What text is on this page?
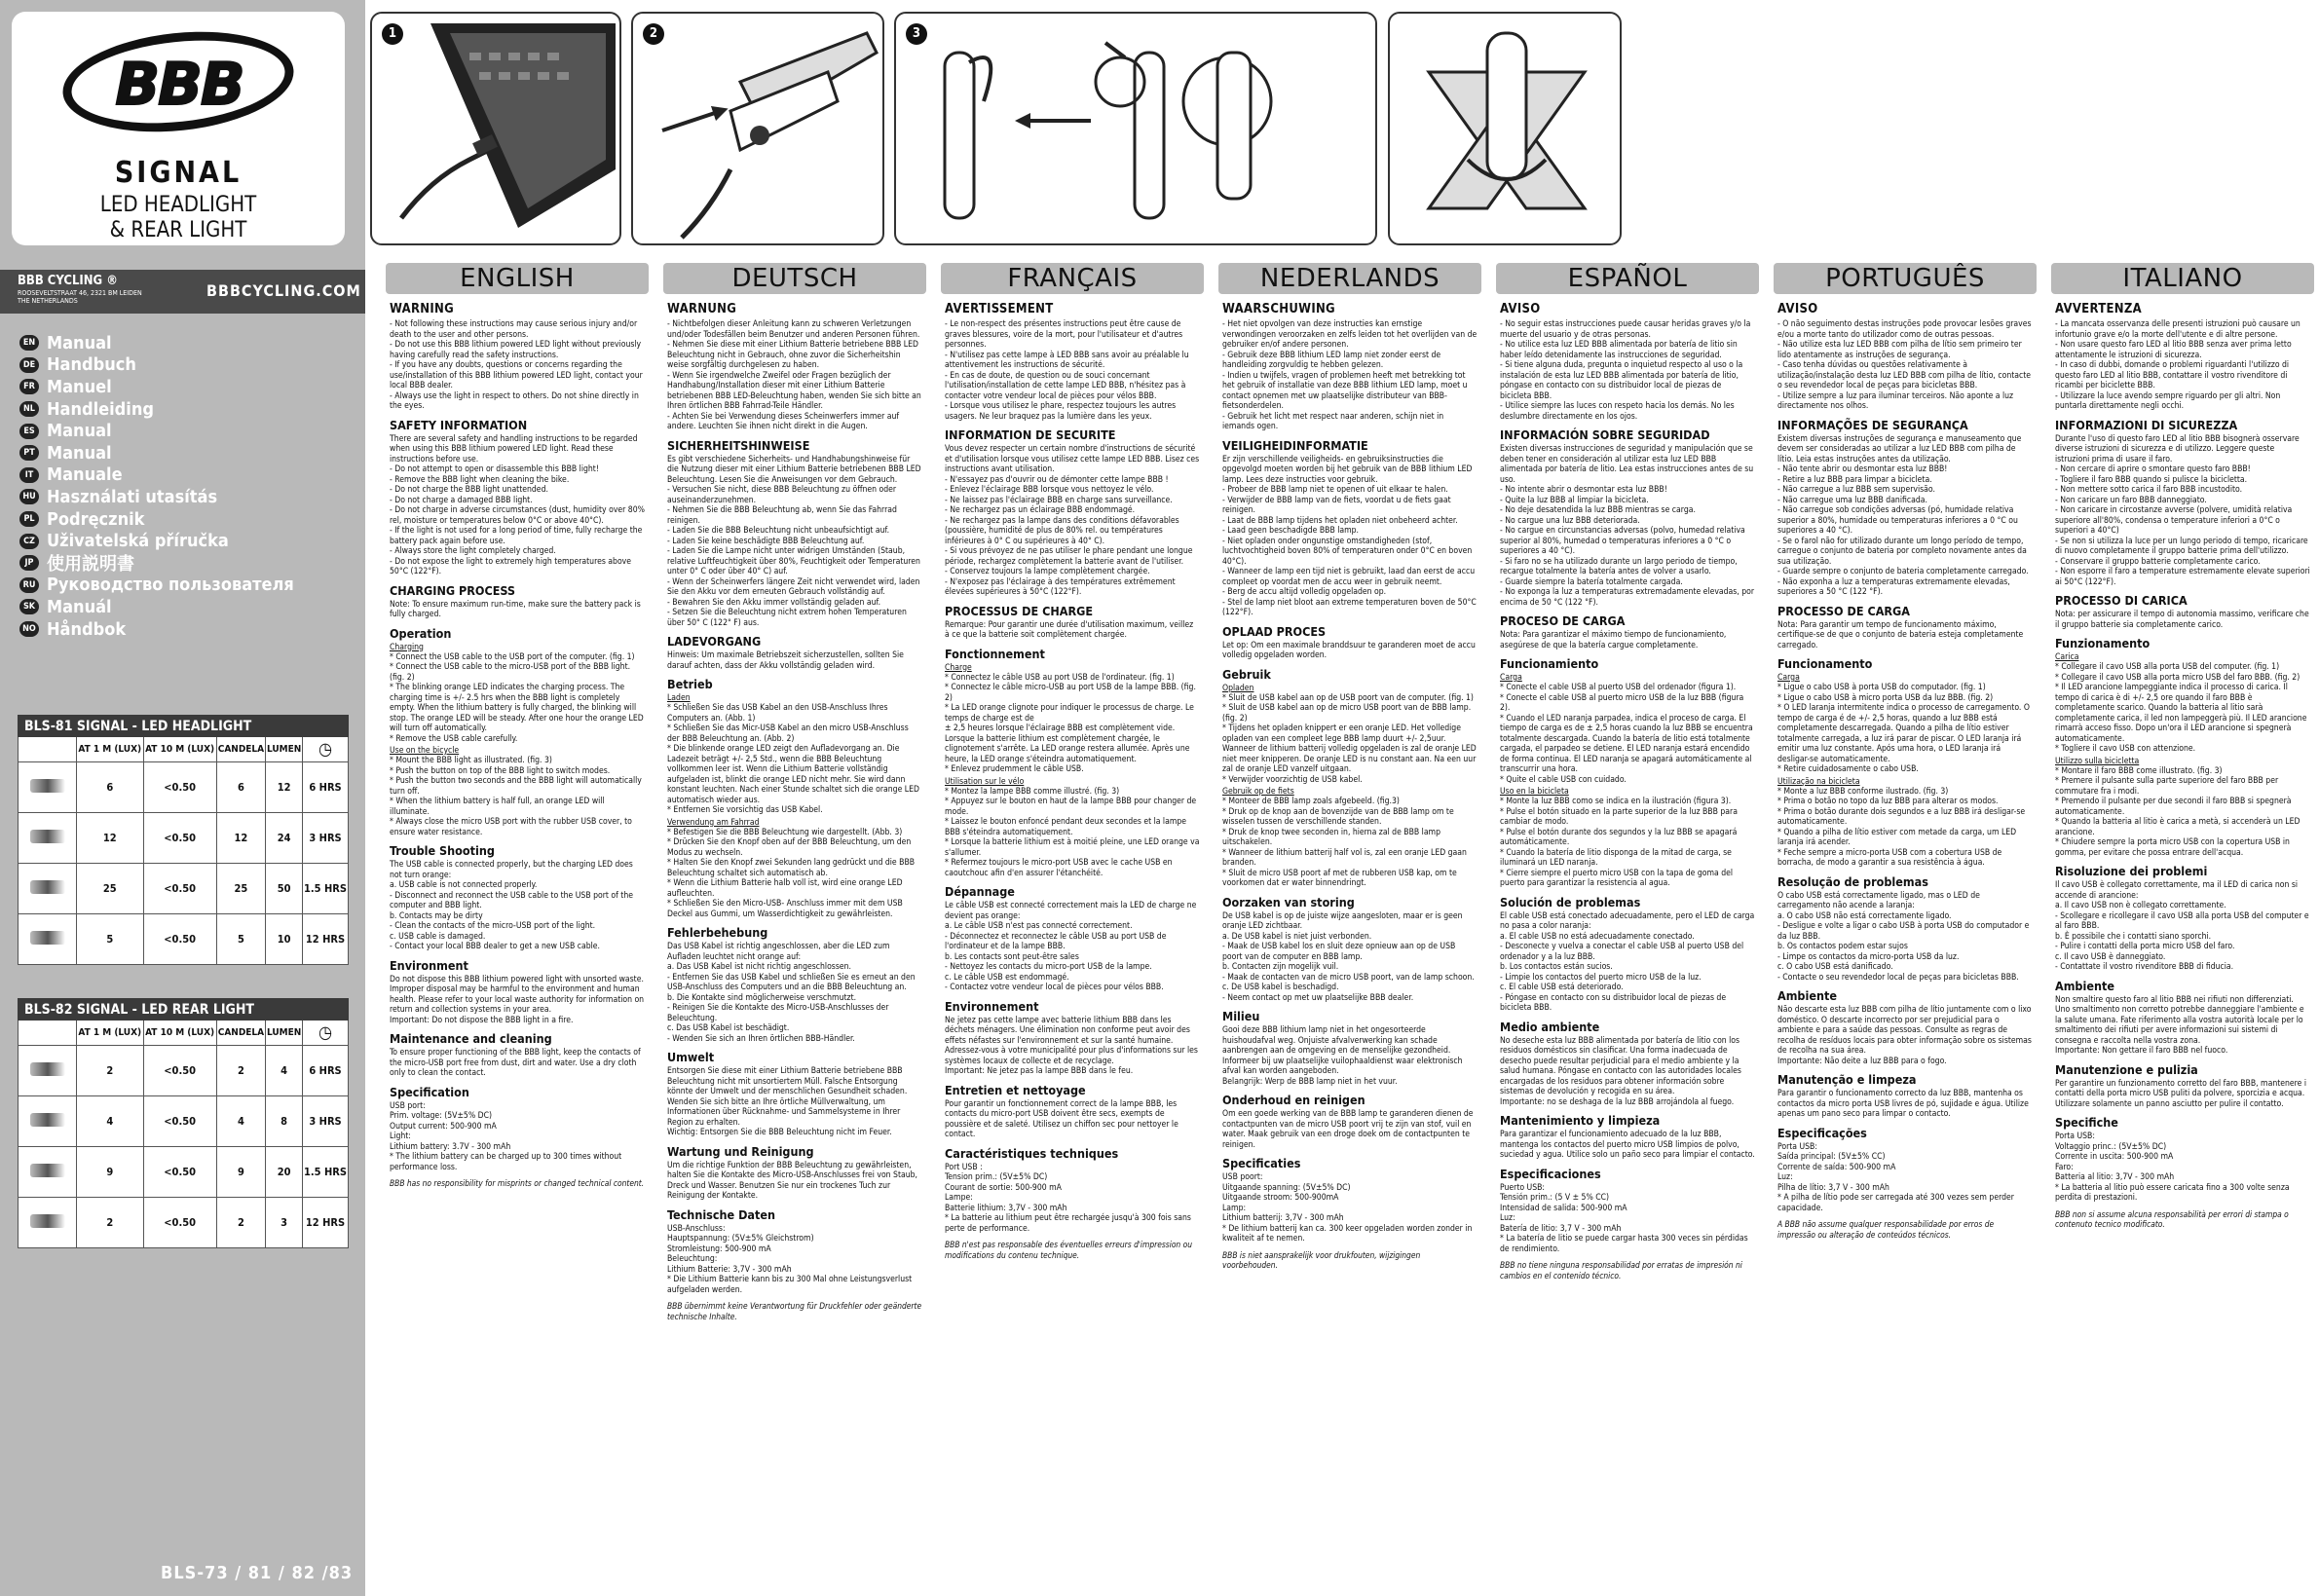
BBB
SIGNAL
LED HEADLIGHT
& REAR LIGHT
BBB CYCLING ®
ROOSEVELTSTRAAT 46, 2321 BM LEIDEN
THE NETHERLANDS
BBBCYCLING.COM
EN Manual
DE Handbuch
FR Manuel
NL Handleiding
ES Manual
PT Manual
IT Manuale
HU Használati utasítás
PL Podręcznik
CZ Uživatelská příručka
JP 使用説明書
RU Руководство пользователя
SK Manuál
NO Håndbok
BLS-81 SIGNAL - LED HEADLIGHT					
	AT 1 M (LUX)	AT 10 M (LUX)	CANDELA	LUMEN	◷
	6	<0.50	6	12	6 HRS
	12	<0.50	12	24	3 HRS
	25	<0.50	25	50	1.5 HRS
	5	<0.50	5	10	12 HRS
BLS-82 SIGNAL - LED REAR LIGHT					
	AT 1 M (LUX)	AT 10 M (LUX)	CANDELA	LUMEN	◷
	2	<0.50	2	4	6 HRS
	4	<0.50	4	8	3 HRS
	9	<0.50	9	20	1.5 HRS
	2	<0.50	2	3	12 HRS
BLS-73 / 81 / 82 /83
1	2	3
ENGLISH
WARNING
- Not following these instructions may cause serious injury and/or death to the user and other persons.
- Do not use this BBB lithium powered LED light without previously having carefully read the safety instructions.
- If you have any doubts, questions or concerns regarding the use/installation of this BBB lithium powered LED light, contact your local BBB dealer.
- Always use the light in respect to others. Do not shine directly in the eyes.
SAFETY INFORMATION
There are several safety and handling instructions to be regarded when using this BBB lithium powered LED light. Read these instructions before use.
- Do not attempt to open or disassemble this BBB light!
- Remove the BBB light when cleaning the bike.
- Do not charge the BBB light unattended.
- Do not charge a damaged BBB light.
- Do not charge in adverse circumstances (dust, humidity over 80% rel, moisture or temperatures below 0°C or above 40°C).
- If the light is not used for a long period of time, fully recharge the battery pack again before use.
- Always store the light completely charged.
- Do not expose the light to extremely high temperatures above 50°C (122°F).
CHARGING PROCESS
Note: To ensure maximum run-time, make sure the battery pack is fully charged.
Operation
Charging
* Connect the USB cable to the USB port of the computer. (fig. 1)
* Connect the USB cable to the micro-USB port of the BBB light. (fig. 2)
* The blinking orange LED indicates the charging process. The charging time is +/- 2.5 hrs when the BBB light is completely empty. When the lithium battery is fully charged, the blinking will stop. The orange LED will be steady. After one hour the orange LED will turn off automatically.
* Remove the USB cable carefully.
Use on the bicycle
* Mount the BBB light as illustrated. (fig. 3)
* Push the button on top of the BBB light to switch modes.
* Push the button two seconds and the BBB light will automatically turn off.
* When the lithium battery is half full, an orange LED will illuminate.
* Always close the micro USB port with the rubber USB cover, to ensure water resistance.
Trouble Shooting
The USB cable is connected properly, but the charging LED does not turn orange:
a. USB cable is not connected properly.
- Disconnect and reconnect the USB cable to the USB port of the computer and BBB light.
b. Contacts may be dirty
- Clean the contacts of the micro-USB port of the light.
c. USB cable is damaged.
- Contact your local BBB dealer to get a new USB cable.
Environment
Do not dispose this BBB lithium powered light with unsorted waste. Improper disposal may be harmful to the environment and human health. Please refer to your local waste authority for information on return and collection systems in your area.
Important: Do not dispose the BBB light in a fire.
Maintenance and cleaning
To ensure proper functioning of the BBB light, keep the contacts of the micro-USB port free from dust, dirt and water. Use a dry cloth only to clean the contact.
Specification
USB port:
Prim. voltage: (5V±5% DC)
Output current: 500-900 mA
Light:
Lithium battery: 3.7V - 300 mAh
* The lithium battery can be charged up to 300 times without performance loss.
BBB has no responsibility for misprints or changed technical content.
DEUTSCH
WARNUNG
- Nichtbefolgen dieser Anleitung kann zu schweren Verletzungen und/oder Todesfällen beim Benutzer und anderen Personen führen.
- Nehmen Sie diese mit einer Lithium Batterie betriebene BBB LED Beleuchtung nicht in Gebrauch, ohne zuvor die Sicherheitshin weise sorgfältig durchgelesen zu haben.
- Wenn Sie irgendwelche Zweifel oder Fragen bezüglich der Handhabung/Installation dieser mit einer Lithium Batterie betriebenen BBB LED-Beleuchtung haben, wenden Sie sich bitte an Ihren örtlichen BBB Fahrrad-Teile Händler.
- Achten Sie bei Verwendung dieses Scheinwerfers immer auf andere. Leuchten Sie ihnen nicht direkt in die Augen.
SICHERHEITSHINWEISE
Es gibt verschiedene Sicherheits- und Handhabungshinweise für die Nutzung dieser mit einer Lithium Batterie betriebenen BBB LED Beleuchtung. Lesen Sie die Anweisungen vor dem Gebrauch.
- Versuchen Sie nicht, diese BBB Beleuchtung zu öffnen oder auseinanderzunehmen.
- Nehmen Sie die BBB Beleuchtung ab, wenn Sie das Fahrrad reinigen.
- Laden Sie die BBB Beleuchtung nicht unbeaufsichtigt auf.
- Laden Sie keine beschädigte BBB Beleuchtung auf.
- Laden Sie die Lampe nicht unter widrigen Umständen (Staub, relative Luftfeuchtigkeit über 80%, Feuchtigkeit oder Temperaturen unter 0° C oder über 40° C) auf.
- Wenn der Scheinwerfers längere Zeit nicht verwendet wird, laden Sie den Akku vor dem erneuten Gebrauch vollständig auf.
- Bewahren Sie den Akku immer vollständig geladen auf.
- Setzen Sie die Beleuchtung nicht extrem hohen Temperaturen über 50° C (122° F) aus.
LADEVORGANG
Hinweis: Um maximale Betriebszeit sicherzustellen, sollten Sie darauf achten, dass der Akku vollständig geladen wird.
Betrieb
Laden
* Schließen Sie das USB Kabel an den USB-Anschluss Ihres Computers an. (Abb. 1)
* Schließen Sie das Micr-USB Kabel an den micro USB-Anschluss der BBB Beleuchtung an. (Abb. 2)
* Die blinkende orange LED zeigt den Aufladevorgang an. Die Ladezeit beträgt +/- 2,5 Std., wenn die BBB Beleuchtung vollkommen leer ist. Wenn die Lithium Batterie vollständig aufgeladen ist, blinkt die orange LED nicht mehr. Sie wird dann konstant leuchten. Nach einer Stunde schaltet sich die orange LED automatisch wieder aus.
* Entfernen Sie vorsichtig das USB Kabel.
Verwendung am Fahrrad
* Befestigen Sie die BBB Beleuchtung wie dargestellt. (Abb. 3)
* Drücken Sie den Knopf oben auf der BBB Beleuchtung, um den Modus zu wechseln.
* Halten Sie den Knopf zwei Sekunden lang gedrückt und die BBB Beleuchtung schaltet sich automatisch ab.
* Wenn die Lithium Batterie halb voll ist, wird eine orange LED aufleuchten.
* Schließen Sie den Micro-USB- Anschluss immer mit dem USB Deckel aus Gummi, um Wasserdichtigkeit zu gewährleisten.
Fehlerbehebung
Das USB Kabel ist richtig angeschlossen, aber die LED zum Aufladen leuchtet nicht orange auf:
a. Das USB Kabel ist nicht richtig angeschlossen.
- Entfernen Sie das USB Kabel und schließen Sie es erneut an den USB-Anschluss des Computers und an die BBB Beleuchtung an.
b. Die Kontakte sind möglicherweise verschmutzt.
- Reinigen Sie die Kontakte des Micro-USB-Anschlusses der Beleuchtung.
c. Das USB Kabel ist beschädigt.
- Wenden Sie sich an Ihren örtlichen BBB-Händler.
Umwelt
Entsorgen Sie diese mit einer Lithium Batterie betriebene BBB Beleuchtung nicht mit unsortiertem Müll. Falsche Entsorgung könnte der Umwelt und der menschlichen Gesundheit schaden. Wenden Sie sich bitte an Ihre örtliche Müllverwaltung, um Informationen über Rücknahme- und Sammelsysteme in Ihrer Region zu erhalten.
Wichtig: Entsorgen Sie die BBB Beleuchtung nicht im Feuer.
Wartung und Reinigung
Um die richtige Funktion der BBB Beleuchtung zu gewährleisten, halten Sie die Kontakte des Micro-USB-Anschlusses frei von Staub, Dreck und Wasser. Benutzen Sie nur ein trockenes Tuch zur Reinigung der Kontakte.
Technische Daten
USB-Anschluss:
Hauptspannung: (5V±5% Gleichstrom)
Stromleistung: 500-900 mA
Beleuchtung:
Lithium Batterie: 3,7V - 300 mAh
* Die Lithium Batterie kann bis zu 300 Mal ohne Leistungsverlust aufgeladen werden.
BBB übernimmt keine Verantwortung für Druckfehler oder geänderte technische Inhalte.
FRANÇAIS
AVERTISSEMENT
- Le non-respect des présentes instructions peut être cause de graves blessures, voire de la mort, pour l'utilisateur et d'autres personnes.
- N'utilisez pas cette lampe à LED BBB sans avoir au préalable lu attentivement les instructions de sécurité.
- En cas de doute, de question ou de souci concernant l'utilisation/installation de cette lampe LED BBB, n'hésitez pas à contacter votre vendeur local de pièces pour vélos BBB.
- Lorsque vous utilisez le phare, respectez toujours les autres usagers. Ne leur braquez pas la lumière dans les yeux.
INFORMATION DE SECURITE
Vous devez respecter un certain nombre d'instructions de sécurité et d'utilisation lorsque vous utilisez cette lampe LED BBB. Lisez ces instructions avant utilisation.
- N'essayez pas d'ouvrir ou de démonter cette lampe BBB !
- Enlevez l'éclairage BBB lorsque vous nettoyez le vélo.
- Ne laissez pas l'éclairage BBB en charge sans surveillance.
- Ne rechargez pas un éclairage BBB endommagé.
- Ne rechargez pas la lampe dans des conditions défavorables (poussière, humidité de plus de 80% rel. ou températures inférieures à 0° C ou supérieures à 40° C).
- Si vous prévoyez de ne pas utiliser le phare pendant une longue période, rechargez complètement la batterie avant de l'utiliser.
- Conservez toujours la lampe complètement chargée.
- N'exposez pas l'éclairage à des températures extrêmement élevées supérieures à 50°C (122°F).
PROCESSUS DE CHARGE
Remarque: Pour garantir une durée d'utilisation maximum, veillez à ce que la batterie soit complètement chargée.
Fonctionnement
Charge
* Connectez le câble USB au port USB de l'ordinateur. (fig. 1)
* Connectez le câble micro-USB au port USB de la lampe BBB. (fig. 2)
* La LED orange clignote pour indiquer le processus de charge. Le temps de charge est de
± 2,5 heures lorsque l'éclairage BBB est complètement vide. Lorsque la batterie lithium est complètement chargée, le clignotement s'arrête. La LED orange restera allumée. Après une heure, la LED orange s'éteindra automatiquement.
* Enlevez prudemment le câble USB.
Utilisation sur le vélo
* Montez la lampe BBB comme illustré. (fig. 3)
* Appuyez sur le bouton en haut de la lampe BBB pour changer de mode.
* Laissez le bouton enfoncé pendant deux secondes et la lampe BBB s'éteindra automatiquement.
* Lorsque la batterie lithium est à moitié pleine, une LED orange va s'allumer.
* Refermez toujours le micro-port USB avec le cache USB en caoutchouc afin d'en assurer l'étanchéité.
Dépannage
Le câble USB est connecté correctement mais la LED de charge ne devient pas orange:
a. Le câble USB n'est pas connecté correctement.
- Déconnectez et reconnectez le câble USB au port USB de l'ordinateur et de la lampe BBB.
b. Les contacts sont peut-être sales
- Nettoyez les contacts du micro-port USB de la lampe.
c. Le câble USB est endommagé.
- Contactez votre vendeur local de pièces pour vélos BBB.
Environnement
Ne jetez pas cette lampe avec batterie lithium BBB dans les déchets ménagers. Une élimination non conforme peut avoir des effets néfastes sur l'environnement et sur la santé humaine. Adressez-vous à votre municipalité pour plus d'informations sur les systèmes locaux de collecte et de recyclage.
Important: Ne jetez pas la lampe BBB dans le feu.
Entretien et nettoyage
Pour garantir un fonctionnement correct de la lampe BBB, les contacts du micro-port USB doivent être secs, exempts de poussière et de saleté. Utilisez un chiffon sec pour nettoyer le contact.
Caractéristiques techniques
Port USB :
Tension prim.: (5V±5% DC)
Courant de sortie: 500-900 mA
Lampe:
Batterie lithium: 3,7V - 300 mAh
* La batterie au lithium peut être rechargée jusqu'à 300 fois sans perte de performance.
BBB n'est pas responsable des éventuelles erreurs d'impression ou modifications du contenu technique.
NEDERLANDS
WAARSCHUWING
- Het niet opvolgen van deze instructies kan ernstige verwondingen veroorzaken en zelfs leiden tot het overlijden van de gebruiker en/of andere personen.
- Gebruik deze BBB lithium LED lamp niet zonder eerst de handleiding zorgvuldig te hebben gelezen.
- Indien u twijfels, vragen of problemen heeft met betrekking tot het gebruik of installatie van deze BBB lithium LED lamp, moet u contact opnemen met uw plaatselijke distributeur van BBB-fietsonderdelen.
- Gebruik het licht met respect naar anderen, schijn niet in iemands ogen.
VEILIGHEIDINFORMATIE
Er zijn verschillende veiligheids- en gebruiksinstructies die opgevolgd moeten worden bij het gebruik van de BBB lithium LED lamp. Lees deze instructies voor gebruik.
- Probeer de BBB lamp niet te openen of uit elkaar te halen.
- Verwijder de BBB lamp van de fiets, voordat u de fiets gaat reinigen.
- Laat de BBB lamp tijdens het opladen niet onbeheerd achter.
- Laad geen beschadigde BBB lamp.
- Niet opladen onder ongunstige omstandigheden (stof, luchtvochtigheid boven 80% of temperaturen onder 0°C en boven 40°C).
- Wanneer de lamp een tijd niet is gebruikt, laad dan eerst de accu compleet op voordat men de accu weer in gebruik neemt.
- Berg de accu altijd volledig opgeladen op.
- Stel de lamp niet bloot aan extreme temperaturen boven de 50°C (122°F).
OPLAAD PROCES
Let op: Om een maximale branddsuur te garanderen moet de accu volledig opgeladen worden.
Gebruik
Opladen
* Sluit de USB kabel aan op de USB poort van de computer. (fig. 1)
* Sluit de USB kabel aan op de micro USB poort van de BBB lamp. (fig. 2)
* Tijdens het opladen knippert er een oranje LED. Het volledige opladen van een compleet lege BBB lamp duurt +/- 2,5uur. Wanneer de lithium batterij volledig opgeladen is zal de oranje LED niet meer knipperen. De oranje LED is nu constant aan. Na een uur zal de oranje LED vanzelf uitgaan.
* Verwijder voorzichtig de USB kabel.
Gebruik op de fiets
* Monteer de BBB lamp zoals afgebeeld. (fig.3)
* Druk op de knop aan de bovenzijde van de BBB lamp om te wisselen tussen de verschillende standen.
* Druk de knop twee seconden in, hierna zal de BBB lamp uitschakelen.
* Wanneer de lithium batterij half vol is, zal een oranje LED gaan branden.
* Sluit de micro USB poort af met de rubberen USB kap, om te voorkomen dat er water binnendringt.
Oorzaken van storing
De USB kabel is op de juiste wijze aangesloten, maar er is geen oranje LED zichtbaar.
a. De USB kabel is niet juist verbonden.
- Maak de USB kabel los en sluit deze opnieuw aan op de USB poort van de computer en BBB lamp.
b. Contacten zijn mogelijk vuil.
- Maak de contacten van de micro USB poort, van de lamp schoon.
c. De USB kabel is beschadigd.
- Neem contact op met uw plaatselijke BBB dealer.
Milieu
Gooi deze BBB lithium lamp niet in het ongesorteerde huishoudafval weg. Onjuiste afvalverwerking kan schade aanbrengen aan de omgeving en de menselijke gezondheid. Informeer bij uw plaatselijke vuilophaaldienst waar elektronisch afval kan worden aangeboden.
Belangrijk: Werp de BBB lamp niet in het vuur.
Onderhoud en reinigen
Om een goede werking van de BBB lamp te garanderen dienen de contactpunten van de micro USB poort vrij te zijn van stof, vuil en water. Maak gebruik van een droge doek om de contactpunten te reinigen.
Specificaties
USB poort:
Uitgaande spanning: (5V±5% DC)
Uitgaande stroom: 500-900mA
Lamp:
Lithium batterij: 3,7V - 300 mAh
* De lithium batterij kan ca. 300 keer opgeladen worden zonder in kwaliteit af te nemen.
BBB is niet aansprakelijk voor drukfouten, wijzigingen voorbehouden.
ESPAÑOL
AVISO
- No seguir estas instrucciones puede causar heridas graves y/o la muerte del usuario y de otras personas.
- No utilice esta luz LED BBB alimentada por batería de litio sin haber leído detenidamente las instrucciones de seguridad.
- Si tiene alguna duda, pregunta o inquietud respecto al uso o la instalación de esta luz LED BBB alimentada por batería de litio, póngase en contacto con su distribuidor local de piezas de bicicleta BBB.
- Utilice siempre las luces con respeto hacia los demás. No les deslumbre directamente en los ojos.
INFORMACIÓN SOBRE SEGURIDAD
Existen diversas instrucciones de seguridad y manipulación que se deben tener en consideración al utilizar esta luz LED BBB alimentada por batería de litio. Lea estas instrucciones antes de su uso.
- No intente abrir o desmontar esta luz BBB!
- Quite la luz BBB al limpiar la bicicleta.
- No deje desatendida la luz BBB mientras se carga.
- No cargue una luz BBB deteriorada.
- No cargue en circunstancias adversas (polvo, humedad relativa superior al 80%, humedad o temperaturas inferiores a 0 °C o superiores a 40 °C).
- Si faro no se ha utilizado durante un largo periodo de tiempo, recargue totalmente la batería antes de volver a usarlo.
- Guarde siempre la batería totalmente cargada.
- No exponga la luz a temperaturas extremadamente elevadas, por encima de 50 °C (122 °F).
PROCESO DE CARGA
Nota: Para garantizar el máximo tiempo de funcionamiento, asegúrese de que la batería cargue completamente.
Funcionamiento
Carga
* Conecte el cable USB al puerto USB del ordenador (figura 1).
* Conecte el cable USB al puerto micro USB de la luz BBB (figura 2).
* Cuando el LED naranja parpadea, indica el proceso de carga. El tiempo de carga es de ± 2,5 horas cuando la luz BBB se encuentra totalmente descargada. Cuando la batería de litio está totalmente cargada, el parpadeo se detiene. El LED naranja estará encendido de forma continua. El LED naranja se apagará automáticamente al transcurrir una hora.
* Quite el cable USB con cuidado.
Uso en la bicicleta
* Monte la luz BBB como se indica en la ilustración (figura 3).
* Pulse el botón situado en la parte superior de la luz BBB para cambiar de modo.
* Pulse el botón durante dos segundos y la luz BBB se apagará automáticamente.
* Cuando la batería de litio disponga de la mitad de carga, se iluminará un LED naranja.
* Cierre siempre el puerto micro USB con la tapa de goma del puerto para garantizar la resistencia al agua.
Solución de problemas
El cable USB está conectado adecuadamente, pero el LED de carga no pasa a color naranja:
a. El cable USB no está adecuadamente conectado.
- Desconecte y vuelva a conectar el cable USB al puerto USB del ordenador y a la luz BBB.
b. Los contactos están sucios.
- Limpie los contactos del puerto micro USB de la luz.
c. El cable USB está deteriorado.
- Póngase en contacto con su distribuidor local de piezas de bicicleta BBB.
Medio ambiente
No deseche esta luz BBB alimentada por batería de litio con los residuos domésticos sin clasificar. Una forma inadecuada de desecho puede resultar perjudicial para el medio ambiente y la salud humana. Póngase en contacto con las autoridades locales encargadas de los residuos para obtener información sobre sistemas de devolución y recogida en su área.
Importante: no se deshaga de la luz BBB arrojándola al fuego.
Mantenimiento y limpieza
Para garantizar el funcionamiento adecuado de la luz BBB, mantenga los contactos del puerto micro USB limpios de polvo, suciedad y agua. Utilice solo un paño seco para limpiar el contacto.
Especificaciones
Puerto USB:
Tensión prim.: (5 V ± 5% CC)
Intensidad de salida: 500-900 mA
Luz:
Batería de litio: 3,7 V - 300 mAh
* La batería de litio se puede cargar hasta 300 veces sin pérdidas de rendimiento.
BBB no tiene ninguna responsabilidad por erratas de impresión ni cambios en el contenido técnico.
PORTUGUÊS
AVISO
- O não seguimento destas instruções pode provocar lesões graves e/ou a morte tanto do utilizador como de outras pessoas.
- Não utilize esta luz LED BBB com pilha de lítio sem primeiro ter lido atentamente as instruções de segurança.
- Caso tenha dúvidas ou questões relativamente à utilização/instalação desta luz LED BBB com pilha de lítio, contacte o seu revendedor local de peças para bicicletas BBB.
- Utilize sempre a luz para iluminar terceiros. Não aponte a luz directamente nos olhos.
INFORMAÇÕES DE SEGURANÇA
Existem diversas instruções de segurança e manuseamento que devem ser consideradas ao utilizar a luz LED BBB com pilha de lítio. Leia estas instruções antes da utilização.
- Não tente abrir ou desmontar esta luz BBB!
- Retire a luz BBB para limpar a bicicleta.
- Não carregue a luz BBB sem supervisão.
- Não carregue uma luz BBB danificada.
- Não carregue sob condições adversas (pó, humidade relativa superior a 80%, humidade ou temperaturas inferiores a 0 °C ou superiores a 40 °C).
- Se o farol não for utilizado durante um longo período de tempo, carregue o conjunto de bateria por completo novamente antes da sua utilização.
- Guarde sempre o conjunto de bateria completamente carregado.
- Não exponha a luz a temperaturas extremamente elevadas, superiores a 50 °C (122 °F).
PROCESSO DE CARGA
Nota: Para garantir um tempo de funcionamento máximo, certifique-se de que o conjunto de bateria esteja completamente carregado.
Funcionamento
Carga
* Ligue o cabo USB à porta USB do computador. (fig. 1)
* Ligue o cabo USB à micro porta USB da luz BBB. (fig. 2)
* O LED laranja intermitente indica o processo de carregamento. O tempo de carga é de +/- 2,5 horas, quando a luz BBB está completamente descarregada. Quando a pilha de lítio estiver totalmente carregada, a luz irá parar de piscar. O LED laranja irá emitir uma luz constante. Após uma hora, o LED laranja irá desligar-se automaticamente.
* Retire cuidadosamente o cabo USB.
Utilização na bicicleta
* Monte a luz BBB conforme ilustrado. (fig. 3)
* Prima o botão no topo da luz BBB para alterar os modos.
* Prima o botão durante dois segundos e a luz BBB irá desligar-se automaticamente.
* Quando a pilha de lítio estiver com metade da carga, um LED laranja irá acender.
* Feche sempre a micro-porta USB com a cobertura USB de borracha, de modo a garantir a sua resistência à água.
Resolução de problemas
O cabo USB está correctamente ligado, mas o LED de carregamento não acende a laranja:
a. O cabo USB não está correctamente ligado.
- Desligue e volte a ligar o cabo USB à porta USB do computador e da luz BBB.
b. Os contactos podem estar sujos
- Limpe os contactos da micro-porta USB da luz.
c. O cabo USB está danificado.
- Contacte o seu revendedor local de peças para bicicletas BBB.
Ambiente
Não descarte esta luz BBB com pilha de lítio juntamente com o lixo doméstico. O descarte incorrecto por ser prejudicial para o ambiente e para a saúde das pessoas. Consulte as regras de recolha de resíduos locais para obter informação sobre os sistemas de recolha na sua área.
Importante: Não deite a luz BBB para o fogo.
Manutenção e limpeza
Para garantir o funcionamento correcto da luz BBB, mantenha os contactos da micro porta USB livres de pó, sujidade e água. Utilize apenas um pano seco para limpar o contacto.
Especificações
Porta USB:
Saída principal: (5V±5% CC)
Corrente de saída: 500-900 mA
Luz:
Pilha de lítio: 3,7 V - 300 mAh
* A pilha de lítio pode ser carregada até 300 vezes sem perder capacidade.
A BBB não assume qualquer responsabilidade por erros de impressão ou alteração de conteúdos técnicos.
ITALIANO
AVVERTENZA
- La mancata osservanza delle presenti istruzioni può causare un infortunio grave e/o la morte dell'utente e di altre persone.
- Non usare questo faro LED al litio BBB senza aver prima letto attentamente le istruzioni di sicurezza.
- In caso di dubbi, domande o problemi riguardanti l'utilizzo di questo faro LED al litio BBB, contattare il vostro rivenditore di ricambi per biciclette BBB.
- Utilizzare la luce avendo sempre riguardo per gli altri. Non puntarla direttamente negli occhi.
INFORMAZIONI DI SICUREZZA
Durante l'uso di questo faro LED al litio BBB bisognerà osservare diverse istruzioni di sicurezza e di utilizzo. Leggere queste istruzioni prima di usare il faro.
- Non cercare di aprire o smontare questo faro BBB!
- Togliere il faro BBB quando si pulisce la bicicletta.
- Non mettere sotto carica il faro BBB incustodito.
- Non caricare un faro BBB danneggiato.
- Non caricare in circostanze avverse (polvere, umidità relativa superiore all'80%, condensa o temperature inferiori a 0°C o superiori a 40°C)
- Se non si utilizza la luce per un lungo periodo di tempo, ricaricare di nuovo completamente il gruppo batterie prima dell'utilizzo.
- Conservare il gruppo batterie completamente carico.
- Non esporre il faro a temperature estremamente elevate superiori ai 50°C (122°F).
PROCESSO DI CARICA
Nota: per assicurare il tempo di autonomia massimo, verificare che il gruppo batterie sia completamente carico.
Funzionamento
Carica
* Collegare il cavo USB alla porta USB del computer. (fig. 1)
* Collegare il cavo USB alla porta micro USB del faro BBB. (fig. 2)
* Il LED arancione lampeggiante indica il processo di carica. Il tempo di carica è di +/- 2,5 ore quando il faro BBB è completamente scarico. Quando la batteria al litio sarà completamente carica, il led non lampeggerà più. Il LED arancione rimarrà acceso fisso. Dopo un'ora il LED arancione si spegnerà automaticamente.
* Togliere il cavo USB con attenzione.
Utilizzo sulla bicicletta
* Montare il faro BBB come illustrato. (fig. 3)
* Premere il pulsante sulla parte superiore del faro BBB per commutare fra i modi.
* Premendo il pulsante per due secondi il faro BBB si spegnerà automaticamente.
* Quando la batteria al litio è carica a metà, si accenderà un LED arancione.
* Chiudere sempre la porta micro USB con la copertura USB in gomma, per evitare che possa entrare dell'acqua.
Risoluzione dei problemi
Il cavo USB è collegato correttamente, ma il LED di carica non si accende di arancione:
a. Il cavo USB non è collegato correttamente.
- Scollegare e ricollegare il cavo USB alla porta USB del computer e al faro BBB.
b. È possibile che i contatti siano sporchi.
- Pulire i contatti della porta micro USB del faro.
c. Il cavo USB è danneggiato.
- Contattate il vostro rivenditore BBB di fiducia.
Ambiente
Non smaltire questo faro al litio BBB nei rifiuti non differenziati. Uno smaltimento non corretto potrebbe danneggiare l'ambiente e la salute umana. Fate riferimento alla vostra autorità locale per lo smaltimento dei rifiuti per avere informazioni sui sistemi di consegna e raccolta nella vostra zona.
Importante: Non gettare il faro BBB nel fuoco.
Manutenzione e pulizia
Per garantire un funzionamento corretto del faro BBB, mantenere i contatti della porta micro USB puliti da polvere, sporcizia e acqua. Utilizzare solamente un panno asciutto per pulire il contatto.
Specifiche
Porta USB:
Voltaggio princ.: (5V±5% DC)
Corrente in uscita: 500-900 mA
Faro:
Batteria al litio: 3,7V - 300 mAh
* La batteria al litio può essere caricata fino a 300 volte senza perdita di prestazioni.
BBB non si assume alcuna responsabilità per errori di stampa o contenuto tecnico modificato.
